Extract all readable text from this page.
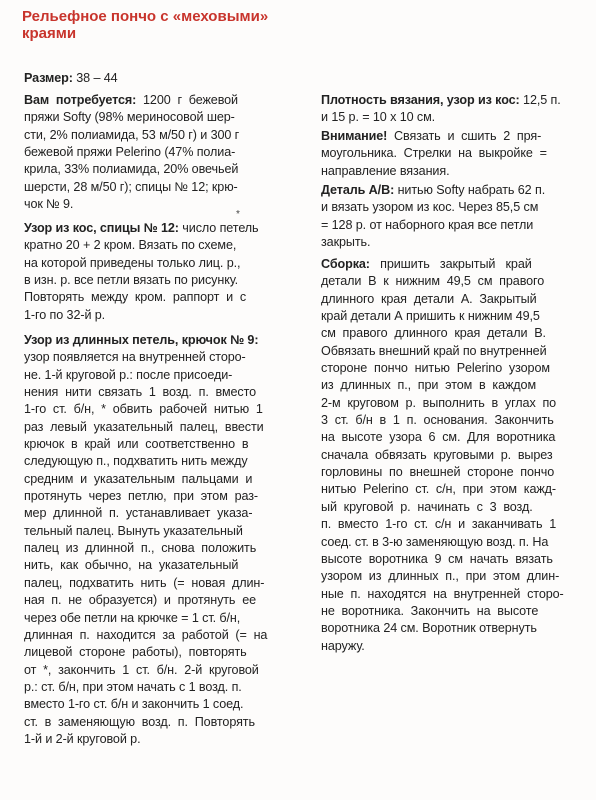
Рельефное пончо с «меховыми»
краями

Размер: 38 – 44

Вам  потребуется:  1200  г  бежевой
пряжи Softy (98% мериносовой шер-
сти, 2% полиамида, 53 м/50 г) и 300 г
бежевой пряжи Pelerino (47% полиа-
крила, 33% полиамида, 20% овечьей
шерсти, 28 м/50 г); спицы № 12; крю-
чок № 9.

Узор из кос, спицы № 12: число петель
кратно 20 + 2 кром. Вязать по схеме,
на которой приведены только лиц. р.,
в изн. р. все петли вязать по рисунку.
Повторять  между  кром.  раппорт  и  с
1-го по 32-й р.

Узор из длинных петель, крючок № 9:
узор появляется на внутренней сторо-
не. 1-й круговой р.: после присоеди-
нения  нити  связать  1  возд.  п.  вместо
1-го  ст.  б/н,  *  обвить  рабочей  нитью  1
раз  левый  указательный  палец,  ввести
крючок  в  край  или  соответственно  в
следующую п., подхватить нить между
средним  и  указательным  пальцами  и
протянуть  через  петлю,  при  этом  раз-
мер  длинной  п.  устанавливает  указа-
тельный палец. Вынуть указательный
палец  из  длинной  п.,  снова  положить
нить,  как  обычно,  на  указательный
палец,  подхватить  нить  (=  новая  длин-
ная  п.  не  образуется)  и  протянуть  ее
через обе петли на крючке = 1 ст. б/н,
длинная  п.  находится  за  работой  (=  на
лицевой  стороне  работы),  повторять
от  *,  закончить  1  ст.  б/н.  2-й  круговой
р.: ст. б/н, при этом начать с 1 возд. п.
вместо 1-го ст. б/н и закончить 1 соед.
ст.  в  заменяющую  возд.  п.  Повторять
1-й и 2-й круговой р.

*

Плотность вязания, узор из кос: 12,5 п.
и 15 р. = 10 x 10 см.

Внимание!  Связать  и  сшить  2  пря-
моугольника.  Стрелки  на  выкройке  =
направление вязания.

Деталь А/В: нитью Softy набрать 62 п.
и вязать узором из кос. Через 85,5 см
= 128 р. от наборного края все петли
закрыть.

Сборка:   пришить   закрытый   край
детали  В  к  нижним  49,5  см  правого
длинного  края  детали  А.  Закрытый
край детали А пришить к нижним 49,5
см  правого  длинного  края  детали  В.
Обвязать внешний край по внутренней
стороне  пончо  нитью  Pelerino  узором
из  длинных  п.,  при  этом  в  каждом
2-м  круговом  р.  выполнить  в  углах  по
3  ст.  б/н  в  1  п.  основания.  Закончить
на  высоте  узора  6  см.  Для  воротника
сначала  обвязать  круговыми  р.  вырез
горловины  по  внешней  стороне  пончо
нитью  Pelerino  ст.  с/н,  при  этом  кажд-
ый  круговой  р.  начинать  с  3  возд.
п.  вместо  1-го  ст.  с/н  и  заканчивать  1
соед. ст. в 3-ю заменяющую возд. п. На
высоте  воротника  9  см  начать  вязать
узором  из  длинных  п.,  при  этом  длин-
ные  п.  находятся  на  внутренней  сторо-
не  воротника.  Закончить  на  высоте
воротника 24 см. Воротник отвернуть
наружу.
